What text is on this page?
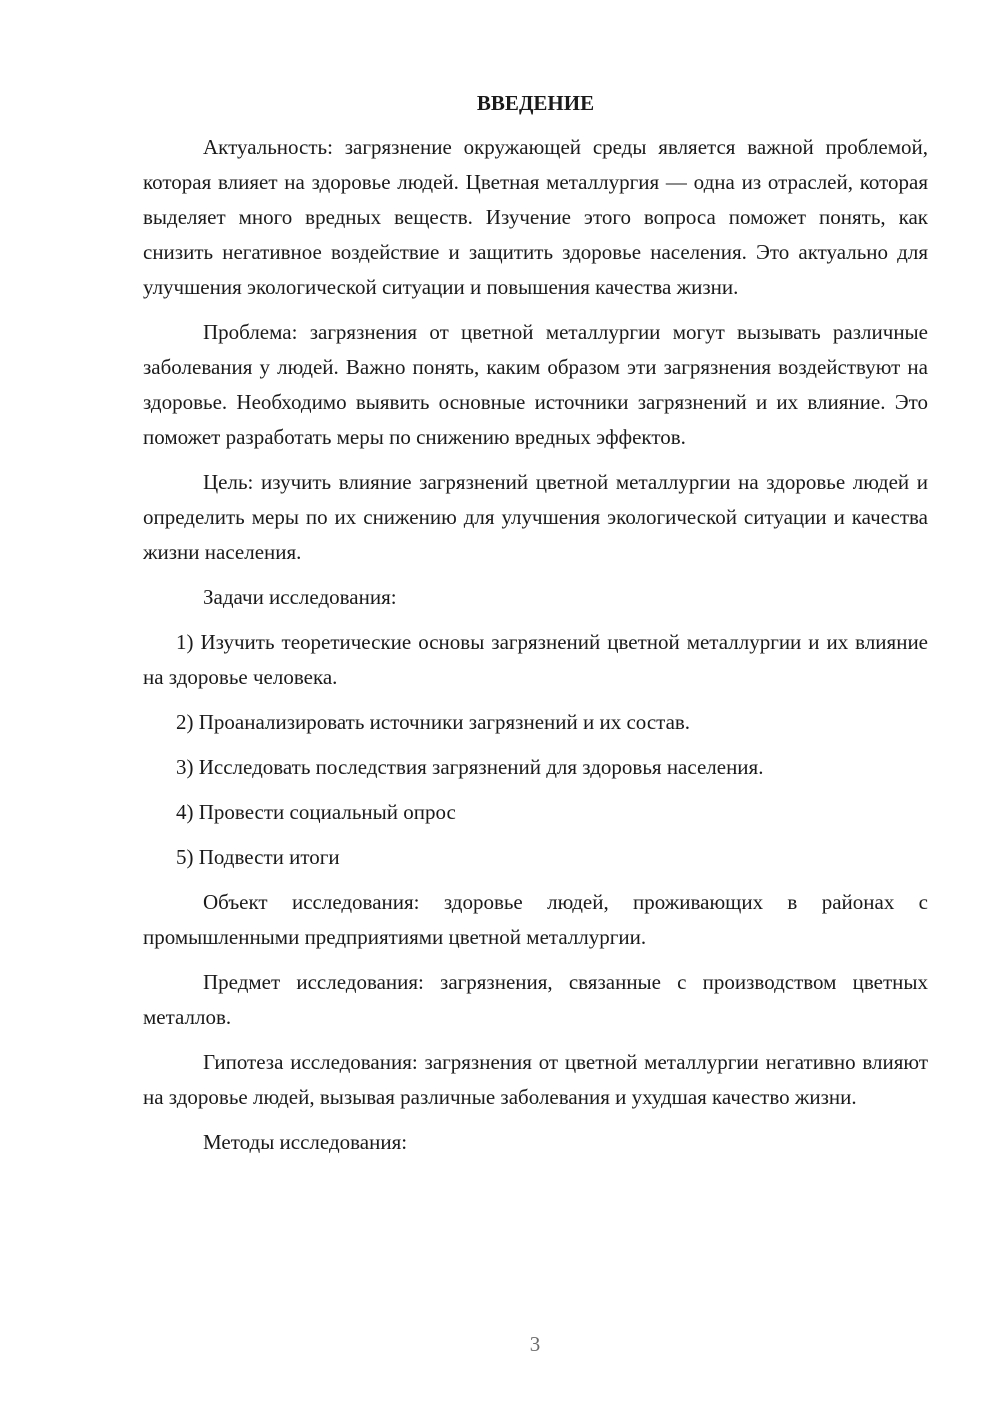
ВВЕДЕНИЕ

Актуальность: загрязнение окружающей среды является важной проблемой, которая влияет на здоровье людей. Цветная металлургия — одна из отраслей, которая выделяет много вредных веществ. Изучение этого вопроса поможет понять, как снизить негативное воздействие и защитить здоровье населения. Это актуально для улучшения экологической ситуации и повышения качества жизни.

Проблема: загрязнения от цветной металлургии могут вызывать различные заболевания у людей. Важно понять, каким образом эти загрязнения воздействуют на здоровье. Необходимо выявить основные источники загрязнений и их влияние. Это поможет разработать меры по снижению вредных эффектов.

Цель: изучить влияние загрязнений цветной металлургии на здоровье людей и определить меры по их снижению для улучшения экологической ситуации и качества жизни населения.

Задачи исследования:

1) Изучить теоретические основы загрязнений цветной металлургии и их влияние на здоровье человека.

2) Проанализировать источники загрязнений и их состав.

3) Исследовать последствия загрязнений для здоровья населения.

4) Провести социальный опрос

5) Подвести итоги

Объект исследования: здоровье людей, проживающих в районах с промышленными предприятиями цветной металлургии.

Предмет исследования: загрязнения, связанные с производством цветных металлов.

Гипотеза исследования: загрязнения от цветной металлургии негативно влияют на здоровье людей, вызывая различные заболевания и ухудшая качество жизни.

Методы исследования:

3
